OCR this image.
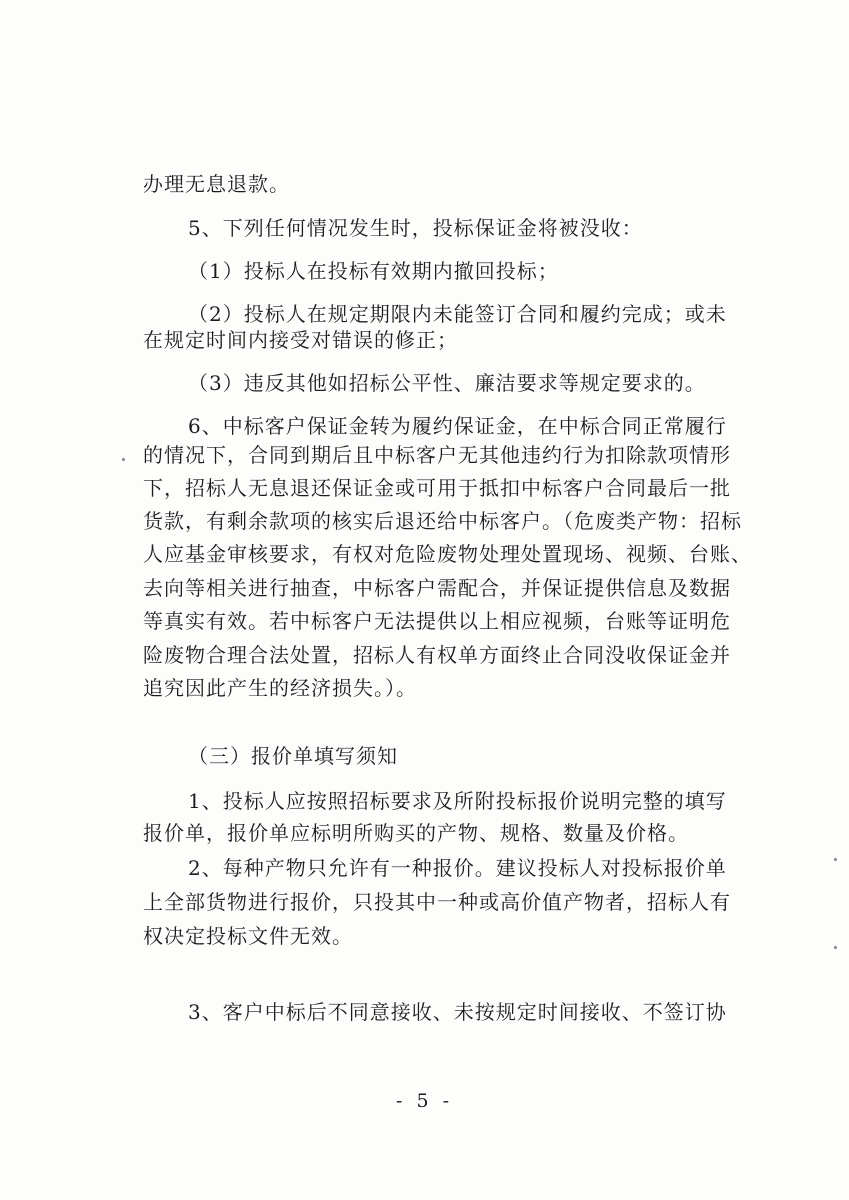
办理无息退款。
5、下列任何情况发生时，投标保证金将被没收：
（1）投标人在投标有效期内撤回投标；
（2）投标人在规定期限内未能签订合同和履约完成；或未
在规定时间内接受对错误的修正；
（3）违反其他如招标公平性、廉洁要求等规定要求的。
6、中标客户保证金转为履约保证金，在中标合同正常履行
的情况下，合同到期后且中标客户无其他违约行为扣除款项情形
下，招标人无息退还保证金或可用于抵扣中标客户合同最后一批
货款，有剩余款项的核实后退还给中标客户。（危废类产物：招标
人应基金审核要求，有权对危险废物处理处置现场、视频、台账、
去向等相关进行抽查，中标客户需配合，并保证提供信息及数据
等真实有效。若中标客户无法提供以上相应视频，台账等证明危
险废物合理合法处置，招标人有权单方面终止合同没收保证金并
追究因此产生的经济损失。）。
（三）报价单填写须知
1、投标人应按照招标要求及所附投标报价说明完整的填写
报价单，报价单应标明所购买的产物、规格、数量及价格。
2、每种产物只允许有一种报价。建议投标人对投标报价单
上全部货物进行报价，只投其中一种或高价值产物者，招标人有
权决定投标文件无效。
3、客户中标后不同意接收、未按规定时间接收、不签订协
- 5 -
